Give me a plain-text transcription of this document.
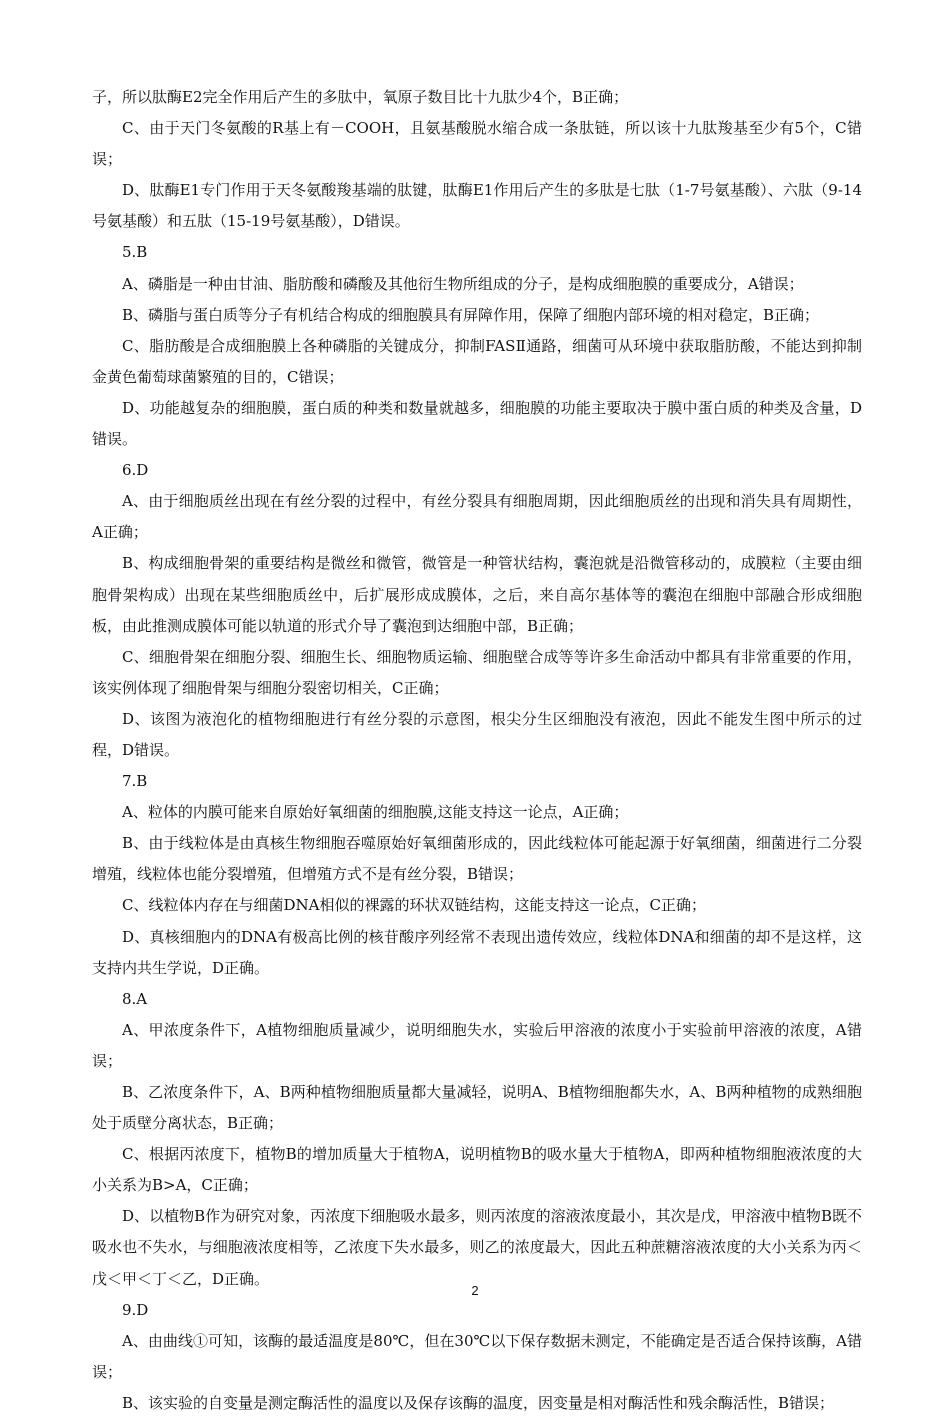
子，所以肽酶E2完全作用后产生的多肽中，氧原子数目比十九肽少4个，B正确；

C、由于天门冬氨酸的R基上有－COOH，且氨基酸脱水缩合成一条肽链，所以该十九肽羧基至少有5个，C错误；

D、肽酶E1专门作用于天冬氨酸羧基端的肽键，肽酶E1作用后产生的多肽是七肽（1-7号氨基酸）、六肽（9-14号氨基酸）和五肽（15-19号氨基酸），D错误。

5.B

A、磷脂是一种由甘油、脂肪酸和磷酸及其他衍生物所组成的分子，是构成细胞膜的重要成分，A错误；

B、磷脂与蛋白质等分子有机结合构成的细胞膜具有屏障作用，保障了细胞内部环境的相对稳定，B正确；

C、脂肪酸是合成细胞膜上各种磷脂的关键成分，抑制FASⅡ通路，细菌可从环境中获取脂肪酸，不能达到抑制金黄色葡萄球菌繁殖的目的，C错误；

D、功能越复杂的细胞膜，蛋白质的种类和数量就越多，细胞膜的功能主要取决于膜中蛋白质的种类及含量，D错误。

6.D

A、由于细胞质丝出现在有丝分裂的过程中，有丝分裂具有细胞周期，因此细胞质丝的出现和消失具有周期性，A正确；

B、构成细胞骨架的重要结构是微丝和微管，微管是一种管状结构，囊泡就是沿微管移动的，成膜粒（主要由细胞骨架构成）出现在某些细胞质丝中，后扩展形成成膜体，之后，来自高尔基体等的囊泡在细胞中部融合形成细胞板，由此推测成膜体可能以轨道的形式介导了囊泡到达细胞中部，B正确；

C、细胞骨架在细胞分裂、细胞生长、细胞物质运输、细胞壁合成等等许多生命活动中都具有非常重要的作用，该实例体现了细胞骨架与细胞分裂密切相关，C正确；

D、该图为液泡化的植物细胞进行有丝分裂的示意图，根尖分生区细胞没有液泡，因此不能发生图中所示的过程，D错误。

7.B

A、粒体的内膜可能来自原始好氧细菌的细胞膜,这能支持这一论点，A正确；

B、由于线粒体是由真核生物细胞吞噬原始好氧细菌形成的，因此线粒体可能起源于好氧细菌，细菌进行二分裂增殖，线粒体也能分裂增殖，但增殖方式不是有丝分裂，B错误；

C、线粒体内存在与细菌DNA相似的裸露的环状双链结构，这能支持这一论点，C正确；

D、真核细胞内的DNA有极高比例的核苷酸序列经常不表现出遗传效应，线粒体DNA和细菌的却不是这样，这支持内共生学说，D正确。

8.A

A、甲浓度条件下，A植物细胞质量减少，说明细胞失水，实验后甲溶液的浓度小于实验前甲溶液的浓度，A错误；

B、乙浓度条件下，A、B两种植物细胞质量都大量减轻，说明A、B植物细胞都失水，A、B两种植物的成熟细胞处于质壁分离状态，B正确；

C、根据丙浓度下，植物B的增加质量大于植物A，说明植物B的吸水量大于植物A，即两种植物细胞液浓度的大小关系为B>A，C正确；

D、以植物B作为研究对象，丙浓度下细胞吸水最多，则丙浓度的溶液浓度最小，其次是戊，甲溶液中植物B既不吸水也不失水，与细胞液浓度相等，乙浓度下失水最多，则乙的浓度最大，因此五种蔗糖溶液浓度的大小关系为丙＜戊＜甲＜丁＜乙，D正确。

9.D

A、由曲线①可知，该酶的最适温度是80℃，但在30℃以下保存数据未测定，不能确定是否适合保持该酶，A错误；

B、该实验的自变量是测定酶活性的温度以及保存该酶的温度，因变量是相对酶活性和残余酶活性，B错误；

2
